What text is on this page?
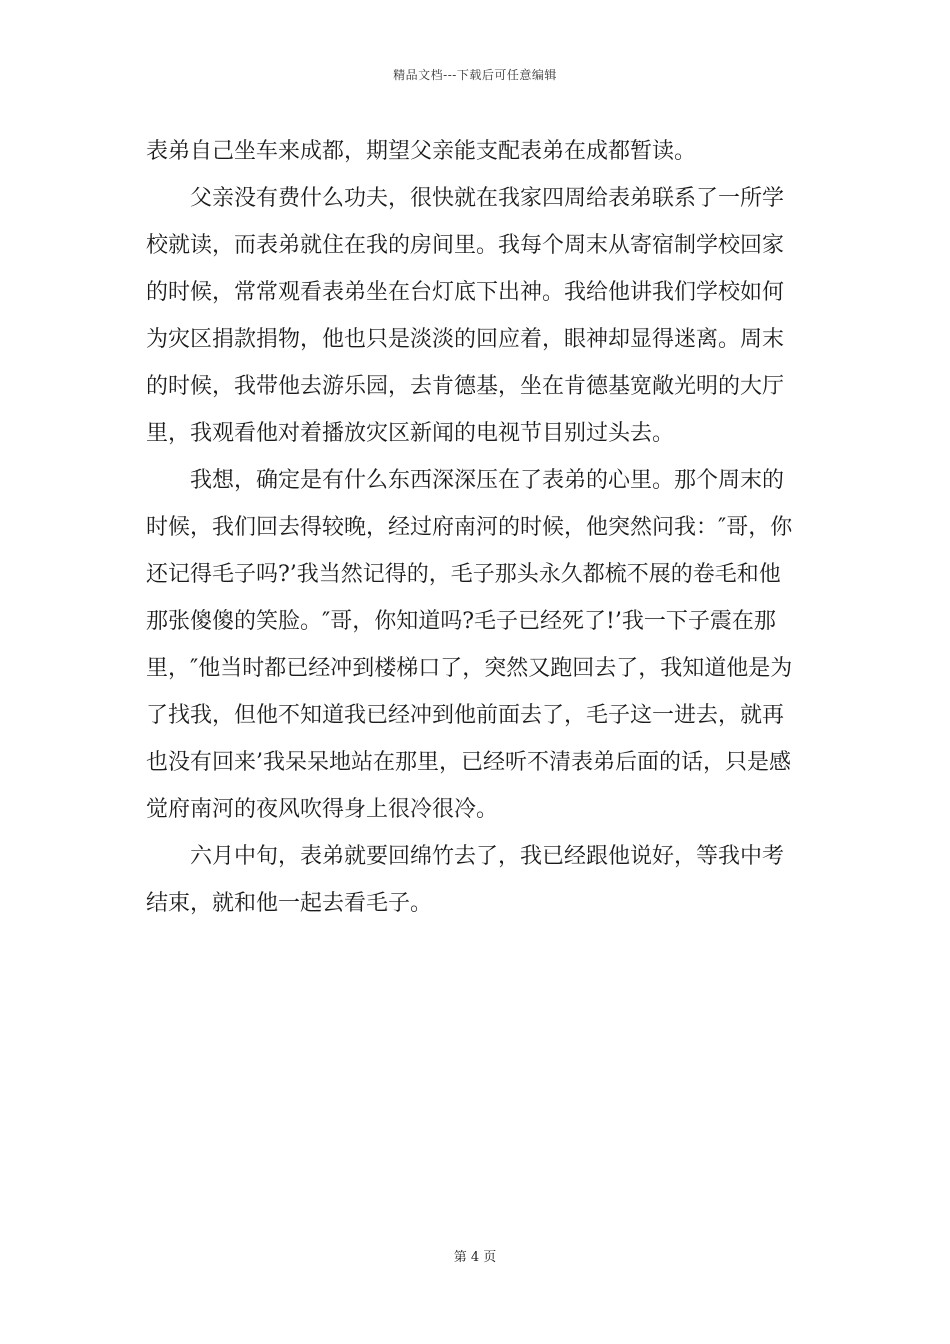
精品文档---下载后可任意编辑
表弟自己坐车来成都，期望父亲能支配表弟在成都暂读。
父亲没有费什么功夫，很快就在我家四周给表弟联系了一所学
校就读，而表弟就住在我的房间里。我每个周末从寄宿制学校回家
的时候，常常观看表弟坐在台灯底下出神。我给他讲我们学校如何
为灾区捐款捐物，他也只是淡淡的回应着，眼神却显得迷离。周末
的时候，我带他去游乐园，去肯德基，坐在肯德基宽敞光明的大厅
里，我观看他对着播放灾区新闻的电视节目别过头去。
我想，确定是有什么东西深深压在了表弟的心里。那个周末的
时候，我们回去得较晚，经过府南河的时候，他突然问我：″哥，你
还记得毛子吗?’我当然记得的，毛子那头永久都梳不展的卷毛和他
那张傻傻的笑脸。″哥，你知道吗?毛子已经死了!’我一下子震在那
里，″他当时都已经冲到楼梯口了，突然又跑回去了，我知道他是为
了找我，但他不知道我已经冲到他前面去了，毛子这一进去，就再
也没有回来’我呆呆地站在那里，已经听不清表弟后面的话，只是感
觉府南河的夜风吹得身上很冷很冷。
六月中旬，表弟就要回绵竹去了，我已经跟他说好，等我中考
结束，就和他一起去看毛子。
第 4 页
